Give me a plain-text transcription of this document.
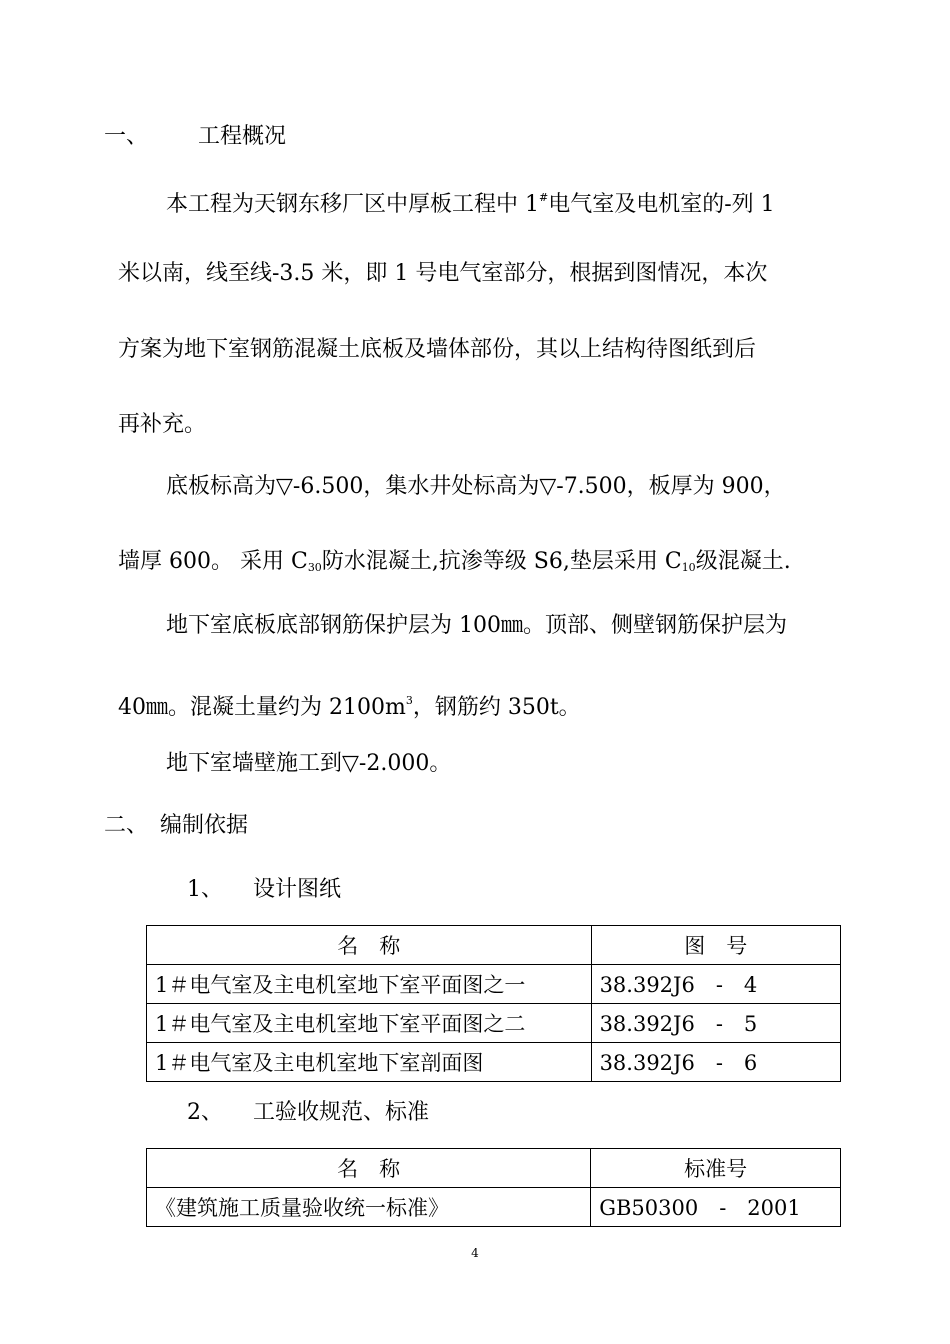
一、 工程概况
本工程为天钢东移厂区中厚板工程中 1#电气室及电机室的-列 1
米以南，线至线-3.5 米，即 1 号电气室部分，根据到图情况，本次
方案为地下室钢筋混凝土底板及墙体部份，其以上结构待图纸到后
再补充。
底板标高为▽-6.500，集水井处标高为▽-7.500，板厚为 900，
墙厚 600。 采用 $C_{30}$防水混凝土,抗渗等级 S6,垫层采用 $C_{10}$级混凝土.
地下室底板底部钢筋保护层为 100㎜。顶部、侧壁钢筋保护层为
40㎜。混凝土量约为 $2100m^3$，钢筋约 350t。
地下室墙壁施工到▽-2.000。
二、 编制依据
1、 设计图纸
名　称	图　号
1＃电气室及主电机室地下室平面图之一	38.392J6　-　4
1＃电气室及主电机室地下室平面图之二	38.392J6　-　5
1＃电气室及主电机室地下室剖面图	38.392J6　-　6
2、 工验收规范、标准
名　称	标准号
《建筑施工质量验收统一标准》	GB50300　-　2001
4
